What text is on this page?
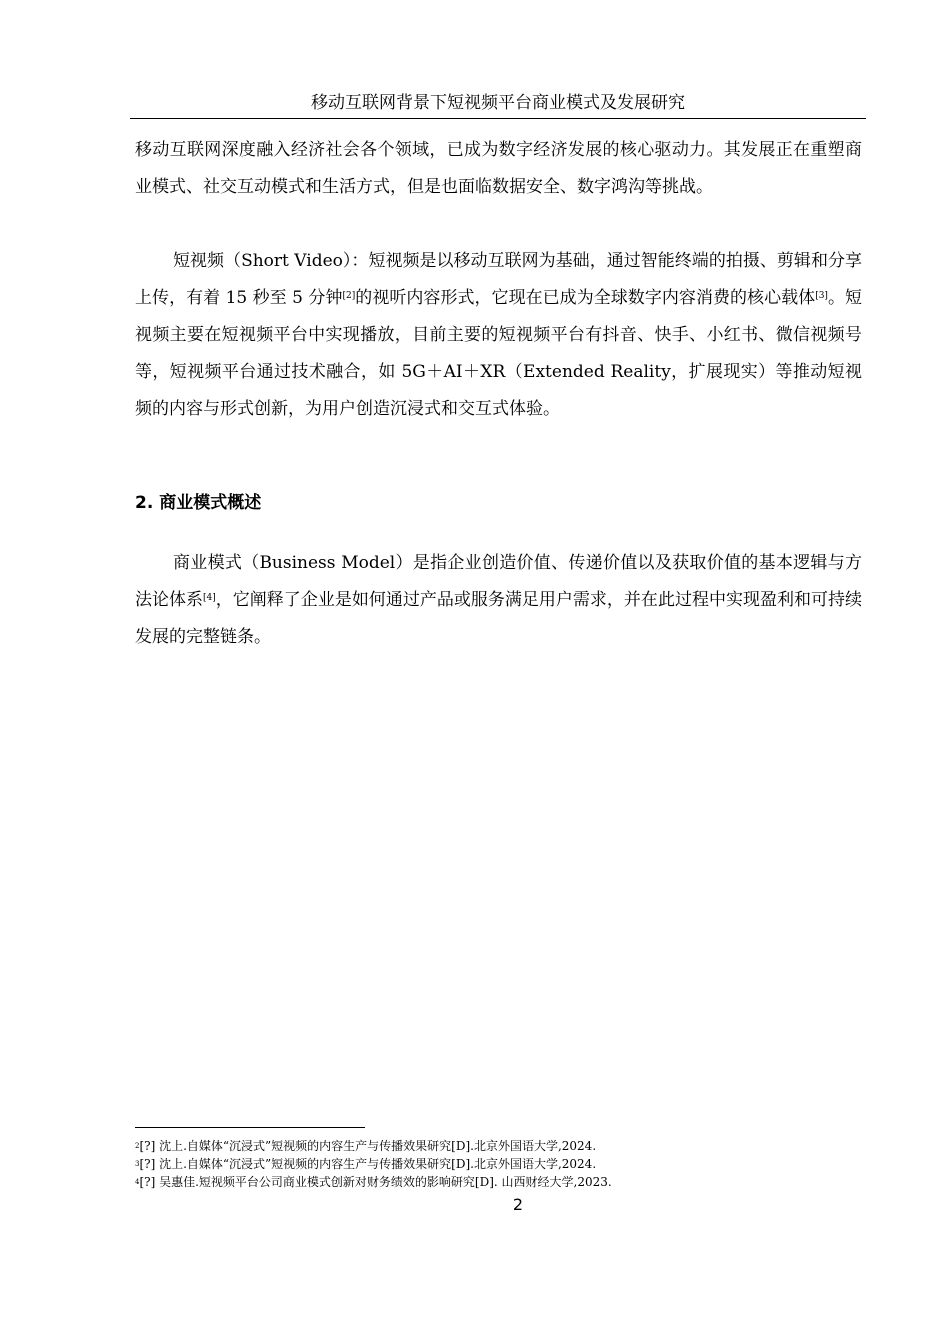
移动互联网背景下短视频平台商业模式及发展研究

移动互联网深度融入经济社会各个领域，已成为数字经济发展的核心驱动力。其发展正在重塑商业模式、社交互动模式和生活方式，但是也面临数据安全、数字鸿沟等挑战。

短视频（Short Video）：短视频是以移动互联网为基础，通过智能终端的拍摄、剪辑和分享上传，有着 15 秒至 5 分钟[2]的视听内容形式，它现在已成为全球数字内容消费的核心载体[3]。短视频主要在短视频平台中实现播放，目前主要的短视频平台有抖音、快手、小红书、微信视频号等，短视频平台通过技术融合，如 5G＋AI＋XR（Extended Reality，扩展现实）等推动短视频的内容与形式创新，为用户创造沉浸式和交互式体验。

2. 商业模式概述

商业模式（Business Model）是指企业创造价值、传递价值以及获取价值的基本逻辑与方法论体系[4]，它阐释了企业是如何通过产品或服务满足用户需求，并在此过程中实现盈利和可持续发展的完整链条。

$^2$[?] 沈上.自媒体“沉浸式”短视频的内容生产与传播效果研究[D].北京外国语大学,2024.
$^3$[?] 沈上.自媒体“沉浸式”短视频的内容生产与传播效果研究[D].北京外国语大学,2024.
$^4$[?] 吴惠佳.短视频平台公司商业模式创新对财务绩效的影响研究[D]. 山西财经大学,2023.
2
